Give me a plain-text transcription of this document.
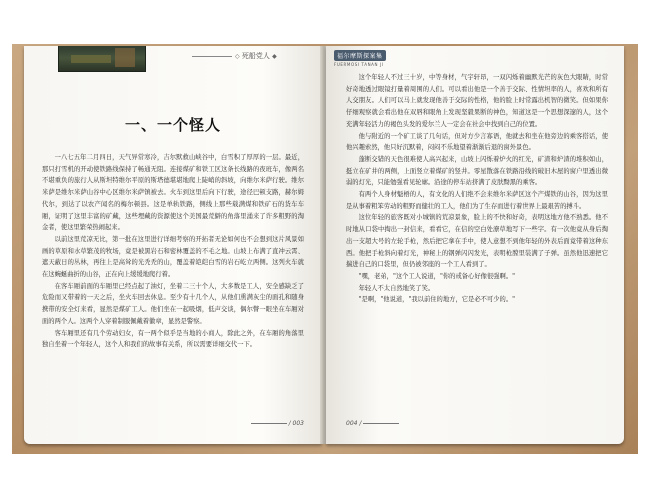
◇ 死船党人 ◆
一、一个怪人

一八七五年二月四日，天气异常寒冷，吉尔默救山峡谷中，白雪积了厚厚的一层。最近，那只打雪机的开动使铁路线保持了畅通无阻。连接煤矿和铁工区这条长线路的夜班车，像两名不堪重负的旅行人从斯坦特维尔平原的斯塔德堪堪地爬上陡峭的斜坡，向维尔米萨行驶。维尔米萨是维尔米萨山谷中心区维尔米萨镇被去。火车到这里后向下行驶，途径巴顿支路，赫尔姆代尔，到达了以农产闻名的梅尔顿县。这是单轨铁路，侧线上那些载满煤和铁矿石的货车车厢，证明了这里丰富的矿藏，这些埋藏的资源使这个美国最荒僻的角落里涌来了许多粗野的淘金者，使这里繁荣热闹起来。

以前这里荒凉无比，第一批在这里进行详细考察的开拓者无论如何也不会想到这片风景如画的草原和水草繁茂的牧场，竟是被黑岩石和密林覆盖的不毛之地。山坡上布满了直冲云霄、遮天蔽日的丛林，再往上是高耸的光秃秃的山，覆盖着皑皑白雪的岩石屹立两侧。这列火车就在这蜿蜒曲折的山谷，正在向上缓缓地爬行着。

在客车厢前面的车厢里已经点起了油灯，坐着二三十个人，大多数是工人，安全感缺乏了危险而又带着的一天之后，坐火车回去休息。至少有十几个人，从他们熏满灰尘的面孔和随身携带的安全灯来看，显然是煤矿工人。他们坐在一起吸烟，低声交谈，偶尔瞥一眼坐在车厢对面的两个人。这两个人穿着制服佩戴着徽章，显然是警察。

客车厢里还有几个劳动妇女，有一两个似乎是当地的小商人，除此之外，在车厢的角落里独自坐着一个年轻人，这个人和我们的故事有关系，所以需要详细交代一下。

/ 003
福尔摩斯探案集
FUERMOSI TANAN JI

这个年轻人不过三十岁，中等身材，气宇轩昂，一双闪烁着幽默光芒的灰色大眼睛，时常好奇地透过眼镜打量着周围的人们。可以看出他是一个善于交际、性情坦率的人，喜欢和所有人交朋友。人们可以马上就发现他善于交际的性格，他的脸上时常露出机智的微笑。但如果你仔细观察就会看出他在双唇和眼角上发现坚毅果断的神色，知道这是一个思想深邃的人，这个充满年轻活力的褐色头发的爱尔兰人一定会在社会中找到自己的位置。

他与附近的一个矿工谈了几句话，但对方少言寡语，他就去和坐在他旁边的乘客搭话，使他兴趣索然，他只好沉默着，闷闷不乐地望着渐渐后退的窗外景色。

蓬断交错的天色很难使人高兴起来，山坡上闪烁着炉火的红光，矿渣和炉渣的堆积如山，挺立在矿井的两侧，上面竖立着煤矿的竖井。零星散落在铁路沿线的破旧木屋的窗户里透出微弱的灯光，只能勉强看见轮廓。沿途的停车站挤满了皮肤黝黑的乘客。

有两个人身材魁梧的人，有文化的人们绝不会来维尔米萨区这个产煤铁的山谷，因为这里是从事着粗笨劳动的粗野而健壮的工人，他们为了生存而进行着世界上最艰苦的搏斗。

这位年轻的旅客既对小城镇的荒凉景象，脸上的不快和好奇，表明这地方他不熟悉。他不时地从口袋中掏出一封信来，看看它，在信的空白处潦草地写下一些字。有一次他竟从身后掏出一支超大号的左轮手枪，然后把它拿在手中，使人意想不到他年轻的外表后面竟带着这种东西。他把手枪斜向着灯光，神秘上的钢弹闪闪发光，表明枪膛里装满了子弹。虽然他迅速把它揣进自己的口袋里，但仍被邻座的一个工人看到了。

"嘿，老弟，"这个工人说道，"你的戒备心好像很强啊。"

年轻人不太自然地笑了笑。

"是啊，"他说道，"我以前住的地方，它是必不可少的。"

004 /
